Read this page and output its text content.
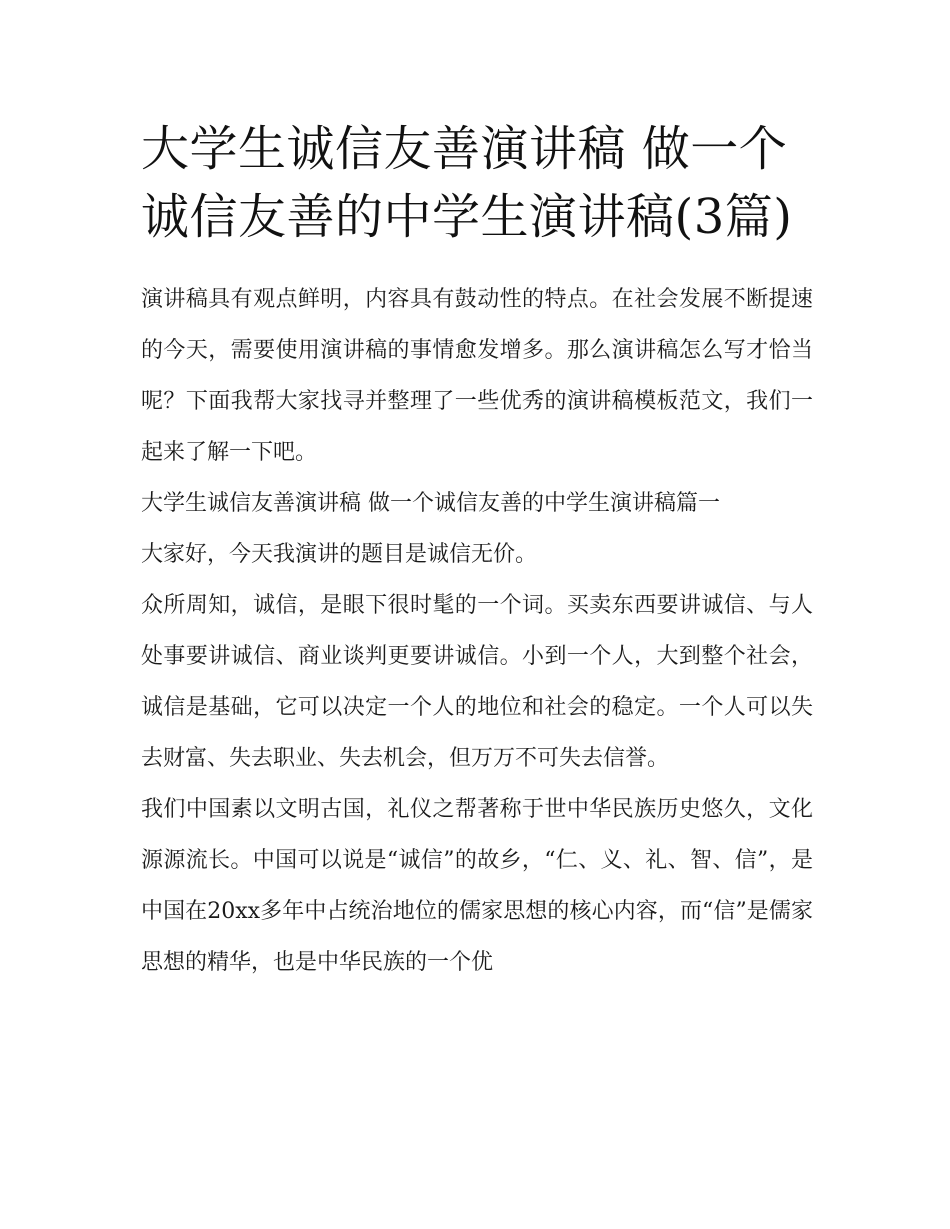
大学生诚信友善演讲稿 做一个诚信友善的中学生演讲稿(3篇)

演讲稿具有观点鲜明，内容具有鼓动性的特点。在社会发展不断提速的今天，需要使用演讲稿的事情愈发增多。那么演讲稿怎么写才恰当呢？下面我帮大家找寻并整理了一些优秀的演讲稿模板范文，我们一起来了解一下吧。

大学生诚信友善演讲稿 做一个诚信友善的中学生演讲稿篇一

大家好，今天我演讲的题目是诚信无价。

众所周知，诚信，是眼下很时髦的一个词。买卖东西要讲诚信、与人处事要讲诚信、商业谈判更要讲诚信。小到一个人，大到整个社会，诚信是基础，它可以决定一个人的地位和社会的稳定。一个人可以失去财富、失去职业、失去机会，但万万不可失去信誉。

我们中国素以文明古国，礼仪之帮著称于世中华民族历史悠久，文化源源流长。中国可以说是“诚信”的故乡，“仁、义、礼、智、信”，是中国在20xx多年中占统治地位的儒家思想的核心内容，而“信”是儒家思想的精华，也是中华民族的一个优
